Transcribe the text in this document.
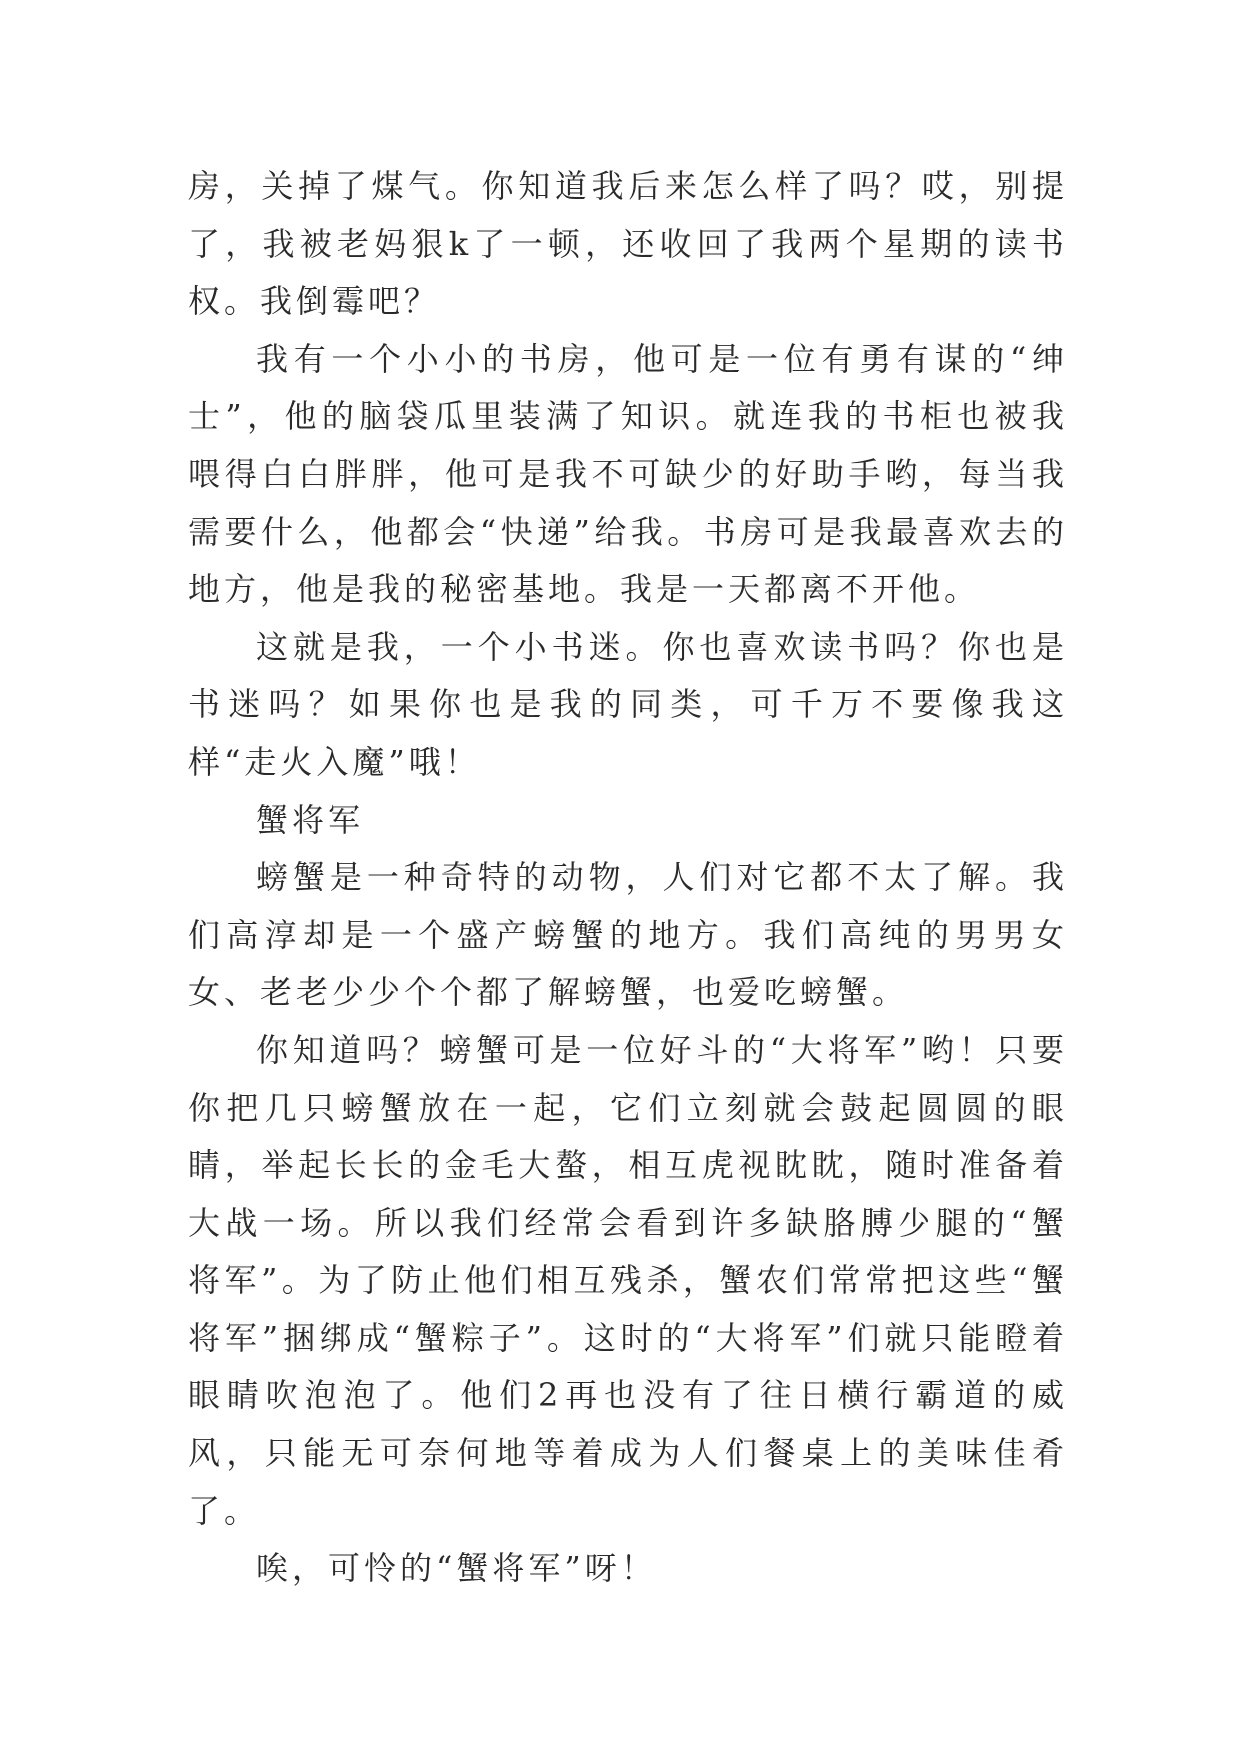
房，关掉了煤气。你知道我后来怎么样了吗？哎，别提了，我被老妈狠k了一顿，还收回了我两个星期的读书权。我倒霉吧？

我有一个小小的书房，他可是一位有勇有谋的“绅士”，他的脑袋瓜里装满了知识。就连我的书柜也被我喂得白白胖胖，他可是我不可缺少的好助手哟，每当我需要什么，他都会“快递”给我。书房可是我最喜欢去的地方，他是我的秘密基地。我是一天都离不开他。

这就是我，一个小书迷。你也喜欢读书吗？你也是书迷吗？如果你也是我的同类，可千万不要像我这样“走火入魔”哦！

蟹将军

螃蟹是一种奇特的动物，人们对它都不太了解。我们高淳却是一个盛产螃蟹的地方。我们高纯的男男女女、老老少少个个都了解螃蟹，也爱吃螃蟹。

你知道吗？螃蟹可是一位好斗的“大将军”哟！只要你把几只螃蟹放在一起，它们立刻就会鼓起圆圆的眼睛，举起长长的金毛大螯，相互虎视眈眈，随时准备着大战一场。所以我们经常会看到许多缺胳膊少腿的“蟹将军”。为了防止他们相互残杀，蟹农们常常把这些“蟹将军”捆绑成“蟹粽子”。这时的“大将军”们就只能瞪着眼睛吹泡泡了。他们2再也没有了往日横行霸道的威风，只能无可奈何地等着成为人们餐桌上的美味佳肴了。

唉，可怜的“蟹将军”呀！
